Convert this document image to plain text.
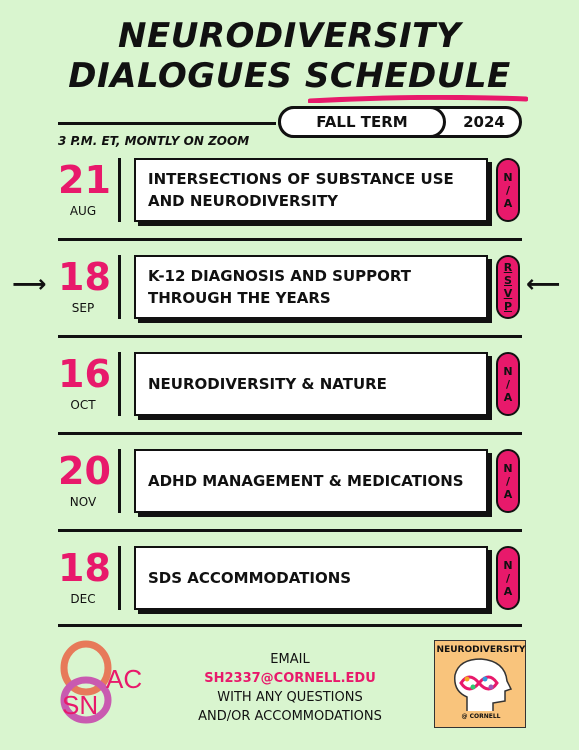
NEURODIVERSITY
DIALOGUES SCHEDULE
FALL TERM	2024
3 P.M. ET, MONTLY ON ZOOM
21
AUG
INTERSECTIONS OF SUBSTANCE USE
AND NEURODIVERSITY
N
/
A
⟶ 18
SEP
K-12 DIAGNOSIS AND SUPPORT
THROUGH THE YEARS
R
S
V
P
⟵
16
OCT
NEURODIVERSITY & NATURE
N
/
A
20
NOV
ADHD MANAGEMENT & MEDICATIONS
N
/
A
18
DEC
SDS ACCOMMODATIONS
N
/
A
AC
SN
EMAIL
SH2337@CORNELL.EDU
WITH ANY QUESTIONS
AND/OR ACCOMMODATIONS
NEURODIVERSITY
@ CORNELL
